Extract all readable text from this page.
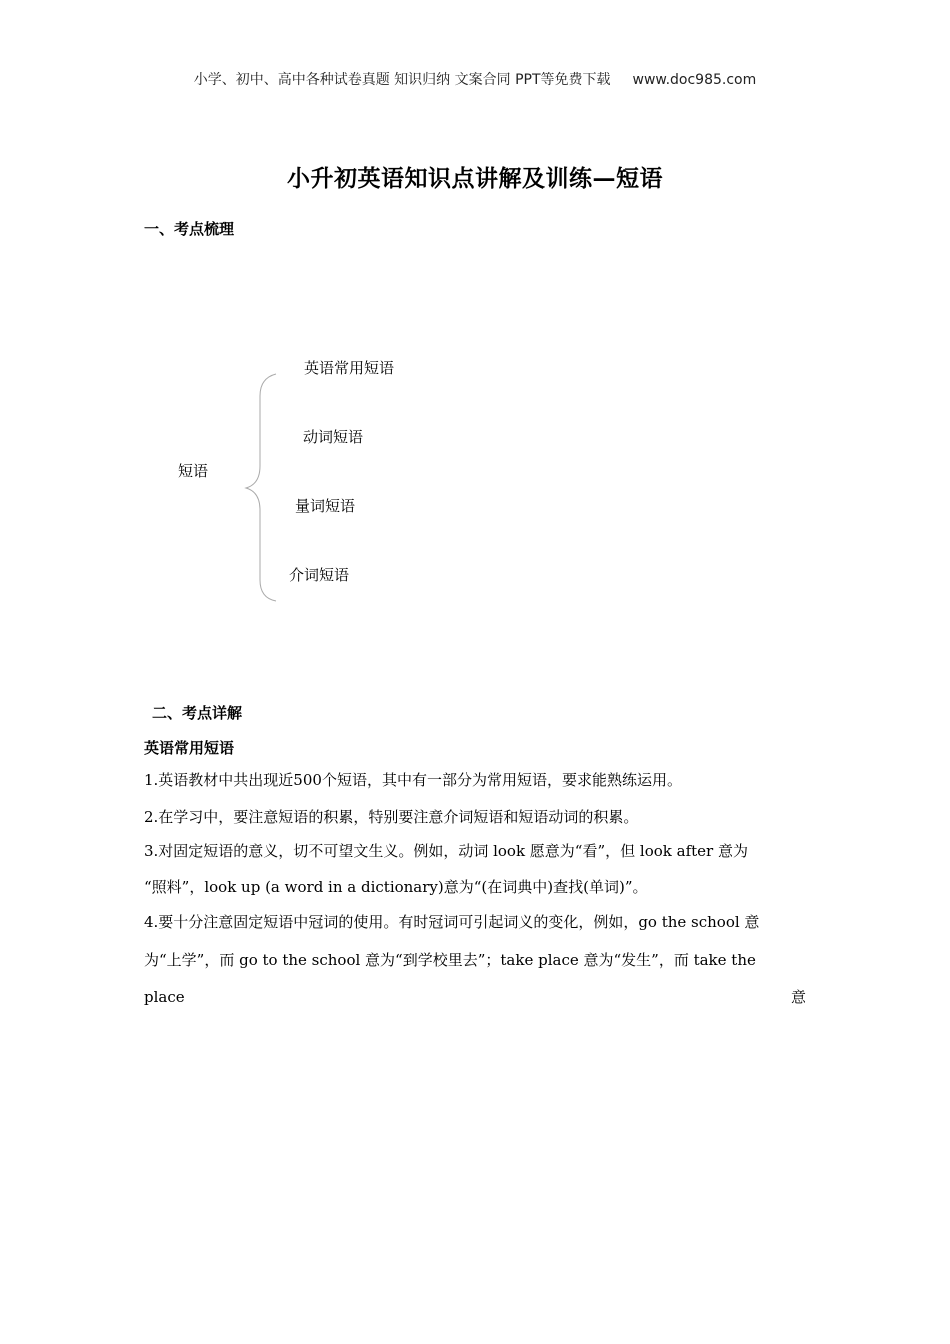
小学、初中、高中各种试卷真题 知识归纳 文案合同 PPT等免费下载 www.doc985.com
小升初英语知识点讲解及训练—短语
一、考点梳理
短语
英语常用短语
动词短语
量词短语
介词短语
二、考点详解
英语常用短语
1.英语教材中共出现近500个短语，其中有一部分为常用短语，要求能熟练运用。
2.在学习中，要注意短语的积累，特别要注意介词短语和短语动词的积累。
3.对固定短语的意义，切不可望文生义。例如，动词 look 愿意为“看”，但 look after 意为
“照料”，look up (a word in a dictionary)意为“(在词典中)查找(单词)”。
4.要十分注意固定短语中冠词的使用。有时冠词可引起词义的变化，例如，go the school 意
为“上学”，而 go to the school 意为“到学校里去”；take place 意为“发生”，而 take the
place	意
